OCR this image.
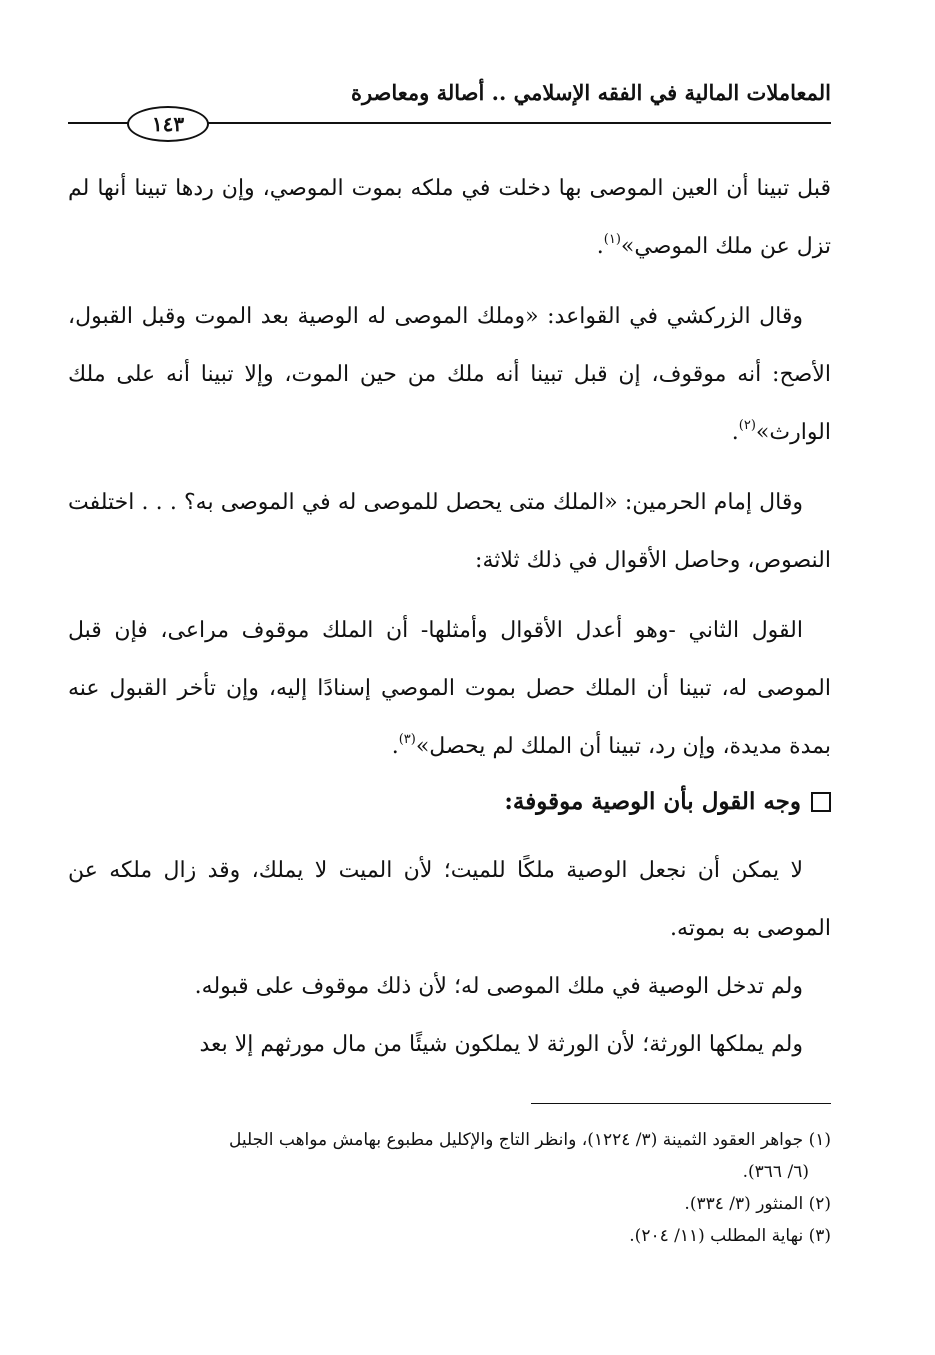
المعاملات المالية في الفقه الإسلامي .. أصالة ومعاصرة
١٤٣

قبل تبينا أن العين الموصى بها دخلت في ملكه بموت الموصي، وإن ردها تبينا أنها لم تزل عن ملك الموصي»$^{(١)}$.

وقال الزركشي في القواعد: «وملك الموصى له الوصية بعد الموت وقبل القبول، الأصح: أنه موقوف، إن قبل تبينا أنه ملك من حين الموت، وإلا تبينا أنه على ملك الوارث»$^{(٢)}$.

وقال إمام الحرمين: «الملك متى يحصل للموصى له في الموصى به؟ . . . اختلفت النصوص، وحاصل الأقوال في ذلك ثلاثة:

القول الثاني -وهو أعدل الأقوال وأمثلها- أن الملك موقوف مراعى، فإن قبل الموصى له، تبينا أن الملك حصل بموت الموصي إسنادًا إليه، وإن تأخر القبول عنه بمدة مديدة، وإن رد، تبينا أن الملك لم يحصل»$^{(٣)}$.

وجه القول بأن الوصية موقوفة:

لا يمكن أن نجعل الوصية ملكًا للميت؛ لأن الميت لا يملك، وقد زال ملكه عن الموصى به بموته.

ولم تدخل الوصية في ملك الموصى له؛ لأن ذلك موقوف على قبوله.

ولم يملكها الورثة؛ لأن الورثة لا يملكون شيئًا من مال مورثهم إلا بعد

(١) جواهر العقود الثمينة (٣/ ١٢٢٤)، وانظر التاج والإكليل مطبوع بهامش مواهب الجليل

(٦/ ٣٦٦).

(٢) المنثور (٣/ ٣٣٤).

(٣) نهاية المطلب (١١/ ٢٠٤).
